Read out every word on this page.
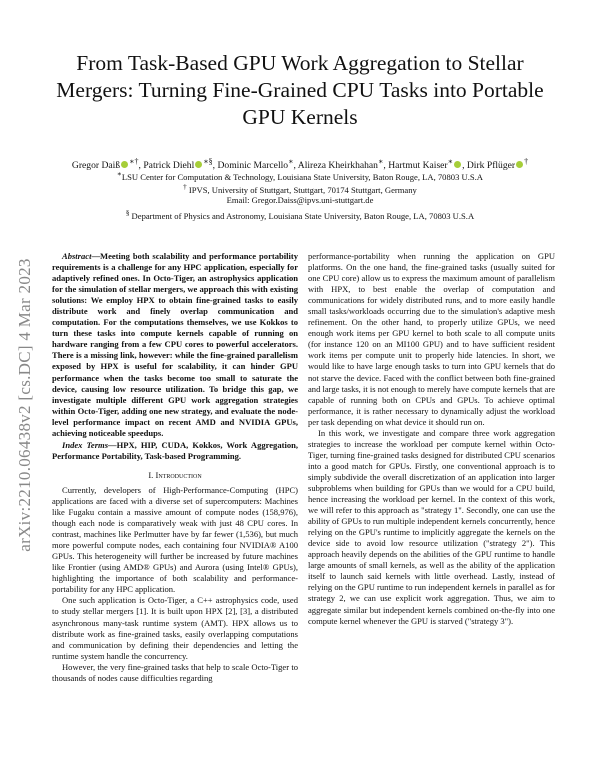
From Task-Based GPU Work Aggregation to Stellar Mergers: Turning Fine-Grained CPU Tasks into Portable GPU Kernels
Gregor Daiß ∗†, Patrick Diehl ∗§, Dominic Marcello∗, Alireza Kheirkhahan∗, Hartmut Kaiser∗ , Dirk Pflüger †
∗LSU Center for Computation & Technology, Louisiana State University, Baton Rouge, LA, 70803 U.S.A
† IPVS, University of Stuttgart, Stuttgart, 70174 Stuttgart, Germany
Email: Gregor.Daiss@ipvs.uni-stuttgart.de
§ Department of Physics and Astronomy, Louisiana State University, Baton Rouge, LA, 70803 U.S.A
arXiv:2210.06438v2 [cs.DC] 4 Mar 2023

Abstract—Meeting both scalability and performance portability requirements is a challenge for any HPC application, especially for adaptively refined ones. In Octo-Tiger, an astrophysics application for the simulation of stellar mergers, we approach this with existing solutions: We employ HPX to obtain fine-grained tasks to easily distribute work and finely overlap communication and computation. For the computations themselves, we use Kokkos to turn these tasks into compute kernels capable of running on hardware ranging from a few CPU cores to powerful accelerators. There is a missing link, however: while the fine-grained parallelism exposed by HPX is useful for scalability, it can hinder GPU performance when the tasks become too small to saturate the device, causing low resource utilization. To bridge this gap, we investigate multiple different GPU work aggregation strategies within Octo-Tiger, adding one new strategy, and evaluate the node-level performance impact on recent AMD and NVIDIA GPUs, achieving noticeable speedups.

Index Terms—HPX, HIP, CUDA, Kokkos, Work Aggregation, Performance Portability, Task-based Programming.

I. Introduction

Currently, developers of High-Performance-Computing (HPC) applications are faced with a diverse set of supercomputers: Machines like Fugaku contain a massive amount of compute nodes (158,976), though each node is comparatively weak with just 48 CPU cores. In contrast, machines like Perlmutter have by far fewer (1,536), but much more powerful compute nodes, each containing four NVIDIA® A100 GPUs. This heterogeneity will further be increased by future machines like Frontier (using AMD® GPUs) and Aurora (using Intel® GPUs), highlighting the importance of both scalability and performance-portability for any HPC application.

One such application is Octo-Tiger, a C++ astrophysics code, used to study stellar mergers [1]. It is built upon HPX [2], [3], a distributed asynchronous many-task runtime system (AMT). HPX allows us to distribute work as fine-grained tasks, easily overlapping computations and communication by defining their dependencies and letting the runtime system handle the concurrency.

However, the very fine-grained tasks that help to scale Octo-Tiger to thousands of nodes cause difficulties regarding

performance-portability when running the application on GPU platforms. On the one hand, the fine-grained tasks (usually suited for one CPU core) allow us to express the maximum amount of parallelism with HPX, to best enable the overlap of computation and communications for widely distributed runs, and to more easily handle small tasks/workloads occurring due to the simulation's adaptive mesh refinement. On the other hand, to properly utilize GPUs, we need enough work items per GPU kernel to both scale to all compute units (for instance 120 on an MI100 GPU) and to have sufficient resident work items per compute unit to properly hide latencies. In short, we would like to have large enough tasks to turn into GPU kernels that do not starve the device. Faced with the conflict between both fine-grained and large tasks, it is not enough to merely have compute kernels that are capable of running both on CPUs and GPUs. To achieve optimal performance, it is rather necessary to dynamically adjust the workload per task depending on what device it should run on.

In this work, we investigate and compare three work aggregation strategies to increase the workload per compute kernel within Octo-Tiger, turning fine-grained tasks designed for distributed CPU scenarios into a good match for GPUs. Firstly, one conventional approach is to simply subdivide the overall discretization of an application into larger subproblems when building for GPUs than we would for a CPU build, hence increasing the workload per kernel. In the context of this work, we will refer to this approach as "strategy 1". Secondly, one can use the ability of GPUs to run multiple independent kernels concurrently, hence relying on the GPU's runtime to implicitly aggregate the kernels on the device side to avoid low resource utilization ("strategy 2"). This approach heavily depends on the abilities of the GPU runtime to handle large amounts of small kernels, as well as the ability of the application itself to launch said kernels with little overhead. Lastly, instead of relying on the GPU runtime to run independent kernels in parallel as for strategy 2, we can use explicit work aggregation. Thus, we aim to aggregate similar but independent kernels combined on-the-fly into one compute kernel whenever the GPU is starved ("strategy 3").
